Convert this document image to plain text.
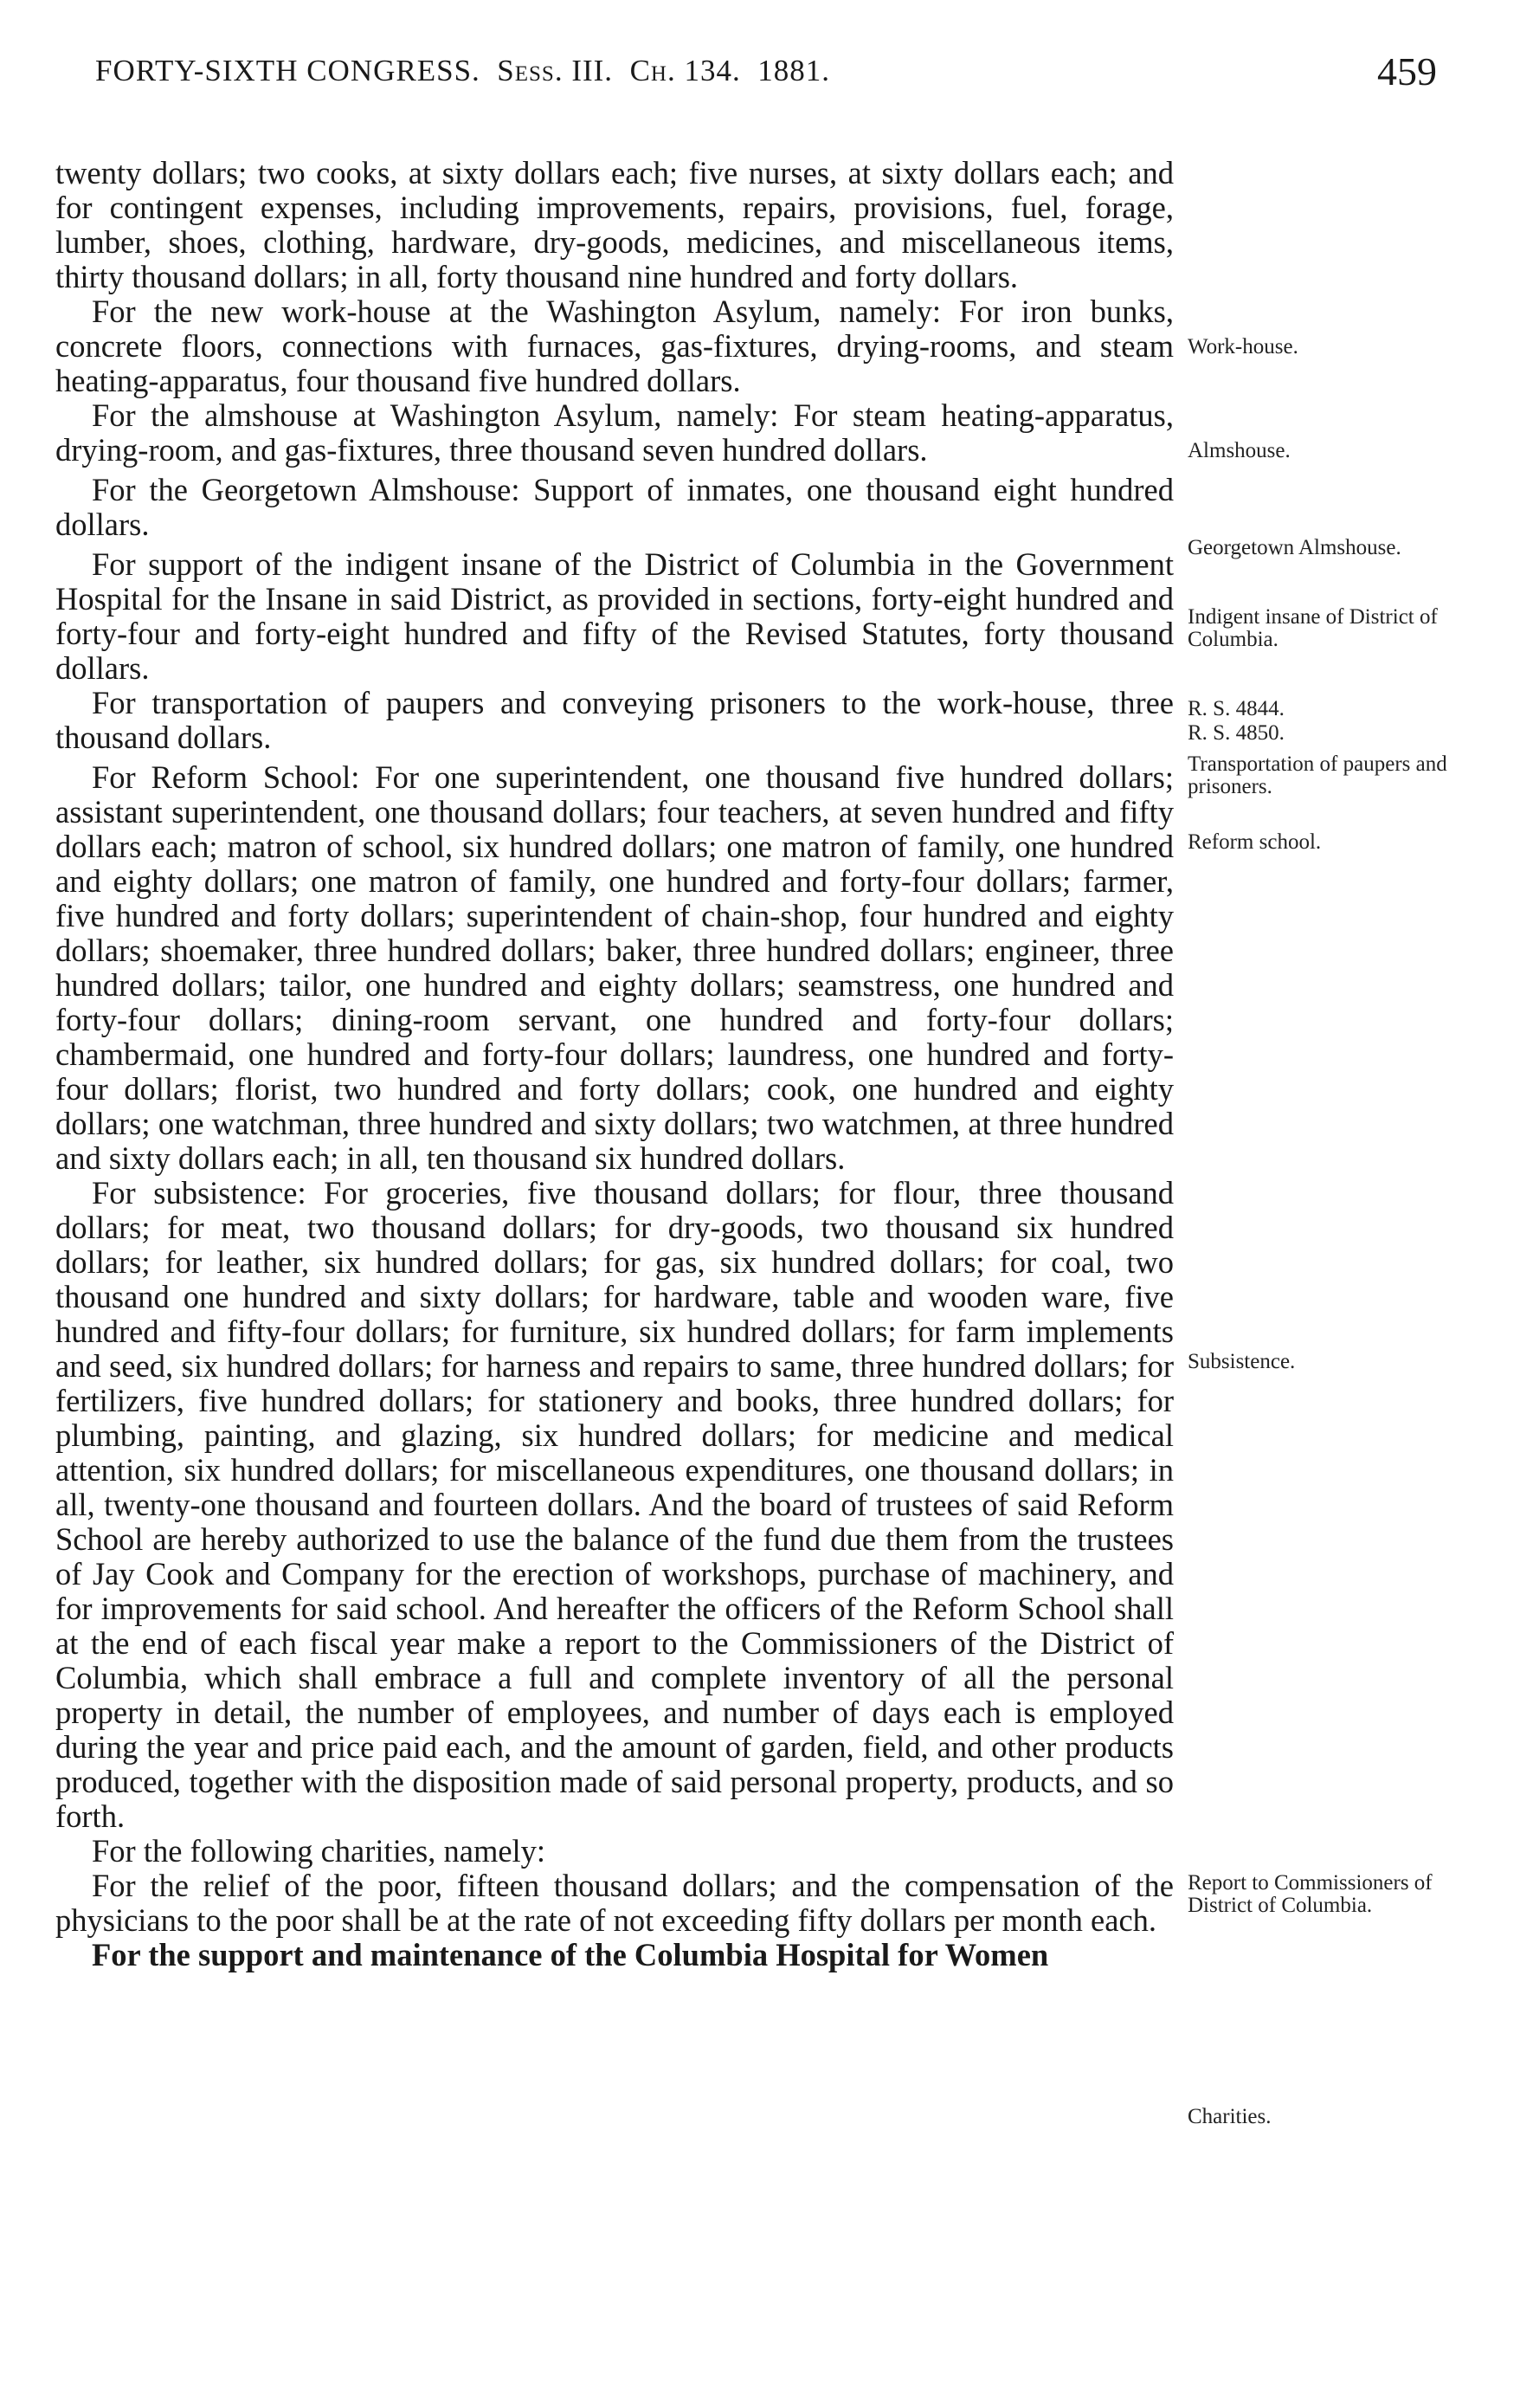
FORTY-SIXTH CONGRESS. Sess. III. Ch. 134. 1881.	459

twenty dollars; two cooks, at sixty dollars each; five nurses, at sixty dollars each; and for contingent expenses, including improvements, repairs, provisions, fuel, forage, lumber, shoes, clothing, hardware, dry-goods, medicines, and miscellaneous items, thirty thousand dollars; in all, forty thousand nine hundred and forty dollars.

For the new work-house at the Washington Asylum, namely: For iron bunks, concrete floors, connections with furnaces, gas-fixtures, drying-rooms, and steam heating-apparatus, four thousand five hundred dollars.

For the almshouse at Washington Asylum, namely: For steam heating-apparatus, drying-room, and gas-fixtures, three thousand seven hundred dollars.

For the Georgetown Almshouse: Support of inmates, one thousand eight hundred dollars.

For support of the indigent insane of the District of Columbia in the Government Hospital for the Insane in said District, as provided in sections, forty-eight hundred and forty-four and forty-eight hundred and fifty of the Revised Statutes, forty thousand dollars.

For transportation of paupers and conveying prisoners to the work-house, three thousand dollars.

For Reform School: For one superintendent, one thousand five hundred dollars; assistant superintendent, one thousand dollars; four teachers, at seven hundred and fifty dollars each; matron of school, six hundred dollars; one matron of family, one hundred and eighty dollars; one matron of family, one hundred and forty-four dollars; farmer, five hundred and forty dollars; superintendent of chain-shop, four hundred and eighty dollars; shoemaker, three hundred dollars; baker, three hundred dollars; engineer, three hundred dollars; tailor, one hundred and eighty dollars; seamstress, one hundred and forty-four dollars; dining-room servant, one hundred and forty-four dollars; chambermaid, one hundred and forty-four dollars; laundress, one hundred and forty-four dollars; florist, two hundred and forty dollars; cook, one hundred and eighty dollars; one watchman, three hundred and sixty dollars; two watchmen, at three hundred and sixty dollars each; in all, ten thousand six hundred dollars.

For subsistence: For groceries, five thousand dollars; for flour, three thousand dollars; for meat, two thousand dollars; for dry-goods, two thousand six hundred dollars; for leather, six hundred dollars; for gas, six hundred dollars; for coal, two thousand one hundred and sixty dollars; for hardware, table and wooden ware, five hundred and fifty-four dollars; for furniture, six hundred dollars; for farm implements and seed, six hundred dollars; for harness and repairs to same, three hundred dollars; for fertilizers, five hundred dollars; for stationery and books, three hundred dollars; for plumbing, painting, and glazing, six hundred dollars; for medicine and medical attention, six hundred dollars; for miscellaneous expenditures, one thousand dollars; in all, twenty-one thousand and fourteen dollars. And the board of trustees of said Reform School are hereby authorized to use the balance of the fund due them from the trustees of Jay Cook and Company for the erection of workshops, purchase of machinery, and for improvements for said school. And hereafter the officers of the Reform School shall at the end of each fiscal year make a report to the Commissioners of the District of Columbia, which shall embrace a full and complete inventory of all the personal property in detail, the number of employees, and number of days each is employed during the year and price paid each, and the amount of garden, field, and other products produced, together with the disposition made of said personal property, products, and so forth.

For the following charities, namely:

For the relief of the poor, fifteen thousand dollars; and the compensation of the physicians to the poor shall be at the rate of not exceeding fifty dollars per month each.

For the support and maintenance of the Columbia Hospital for Women

Work-house.
Almshouse.
Georgetown Almshouse.
Indigent insane of District of Columbia.
R. S. 4844.
R. S. 4850.
Transportation of paupers and prisoners.
Reform school.
Subsistence.
Report to Commissioners of District of Columbia.
Charities.
